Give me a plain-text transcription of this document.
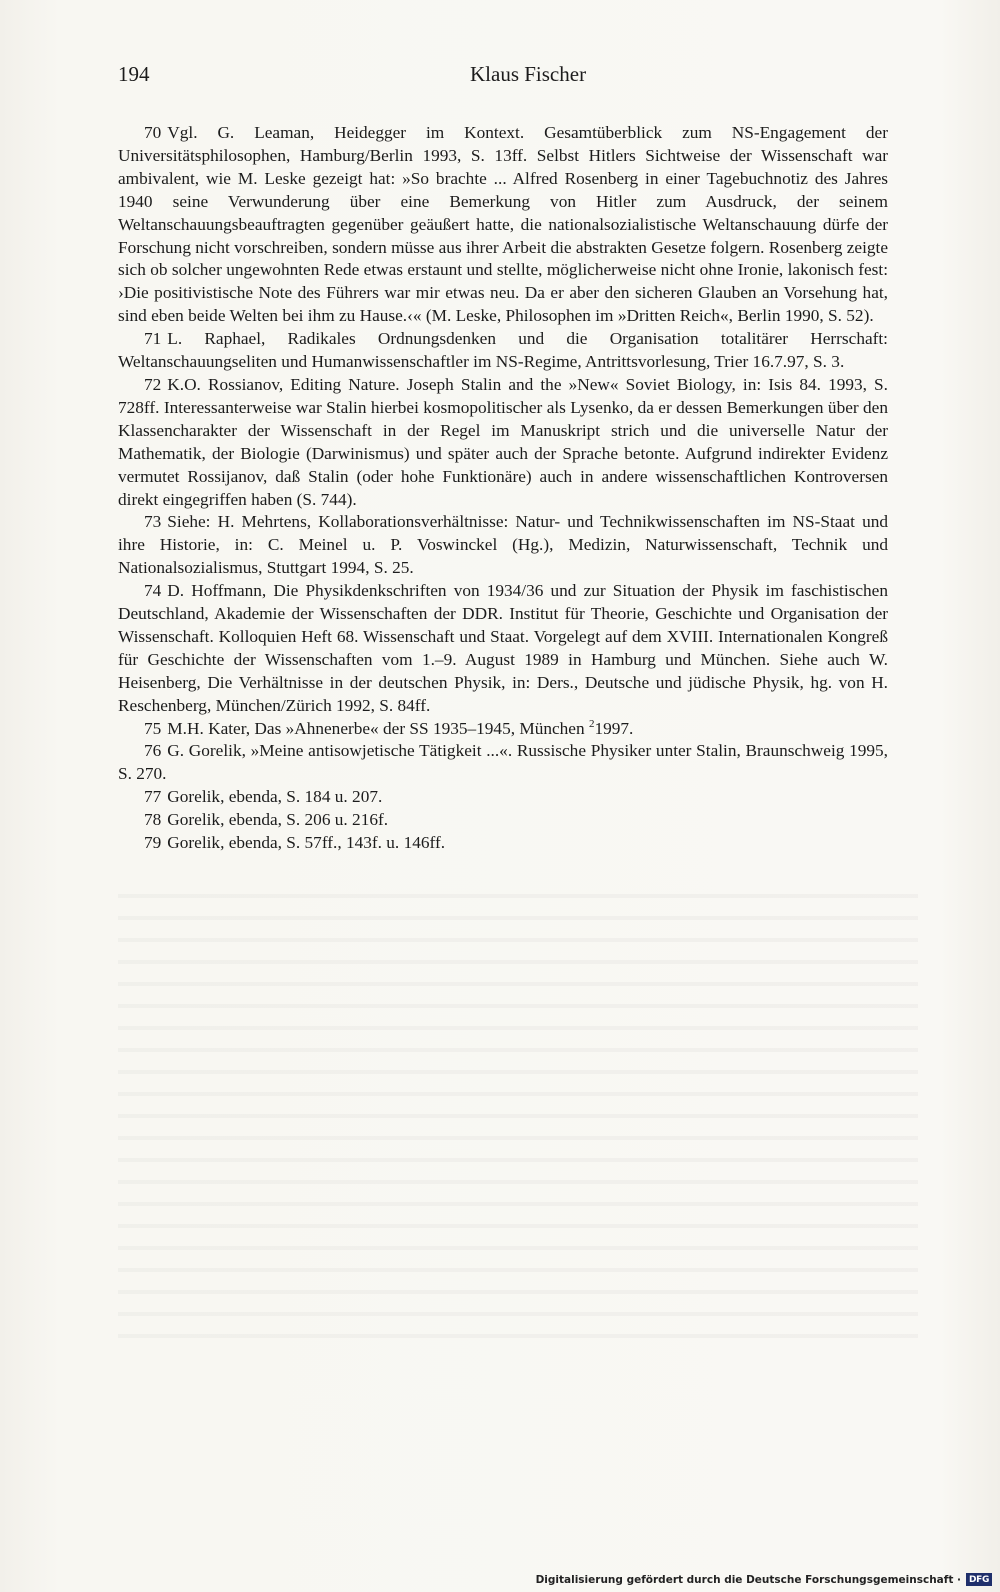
194	Klaus Fischer

70 Vgl. G. Leaman, Heidegger im Kontext. Gesamtüberblick zum NS-Engagement der Universitätsphilosophen, Hamburg/Berlin 1993, S. 13ff. Selbst Hitlers Sichtweise der Wissenschaft war ambivalent, wie M. Leske gezeigt hat: »So brachte ... Alfred Rosenberg in einer Tagebuchnotiz des Jahres 1940 seine Verwunderung über eine Bemerkung von Hitler zum Ausdruck, der seinem Weltanschauungsbeauftragten gegenüber geäußert hatte, die nationalsozialistische Weltanschauung dürfe der Forschung nicht vorschreiben, sondern müsse aus ihrer Arbeit die abstrakten Gesetze folgern. Rosenberg zeigte sich ob solcher ungewohnten Rede etwas erstaunt und stellte, möglicherweise nicht ohne Ironie, lakonisch fest: ›Die positivistische Note des Führers war mir etwas neu. Da er aber den sicheren Glauben an Vorsehung hat, sind eben beide Welten bei ihm zu Hause.‹« (M. Leske, Philosophen im »Dritten Reich«, Berlin 1990, S. 52).

71 L. Raphael, Radikales Ordnungsdenken und die Organisation totalitärer Herrschaft: Weltanschauungseliten und Humanwissenschaftler im NS-Regime, Antrittsvorlesung, Trier 16.7.97, S. 3.

72 K.O. Rossianov, Editing Nature. Joseph Stalin and the »New« Soviet Biology, in: Isis 84. 1993, S. 728ff. Interessanterweise war Stalin hierbei kosmopolitischer als Lysenko, da er dessen Bemerkungen über den Klassencharakter der Wissenschaft in der Regel im Manuskript strich und die universelle Natur der Mathematik, der Biologie (Darwinismus) und später auch der Sprache betonte. Aufgrund indirekter Evidenz vermutet Rossijanov, daß Stalin (oder hohe Funktionäre) auch in andere wissenschaftlichen Kontroversen direkt eingegriffen haben (S. 744).

73 Siehe: H. Mehrtens, Kollaborationsverhältnisse: Natur- und Technikwissenschaften im NS-Staat und ihre Historie, in: C. Meinel u. P. Voswinckel (Hg.), Medizin, Naturwissenschaft, Technik und Nationalsozialismus, Stuttgart 1994, S. 25.

74 D. Hoffmann, Die Physikdenkschriften von 1934/36 und zur Situation der Physik im faschistischen Deutschland, Akademie der Wissenschaften der DDR. Institut für Theorie, Geschichte und Organisation der Wissenschaft. Kolloquien Heft 68. Wissenschaft und Staat. Vorgelegt auf dem XVIII. Internationalen Kongreß für Geschichte der Wissenschaften vom 1.–9. August 1989 in Hamburg und München. Siehe auch W. Heisenberg, Die Verhältnisse in der deutschen Physik, in: Ders., Deutsche und jüdische Physik, hg. von H. Reschenberg, München/Zürich 1992, S. 84ff.

75 M.H. Kater, Das »Ahnenerbe« der SS 1935–1945, München $^2$1997.

76 G. Gorelik, »Meine antisowjetische Tätigkeit ...«. Russische Physiker unter Stalin, Braunschweig 1995, S. 270.

77 Gorelik, ebenda, S. 184 u. 207.

78 Gorelik, ebenda, S. 206 u. 216f.

79 Gorelik, ebenda, S. 57ff., 143f. u. 146ff.

Digitalisierung gefördert durch die Deutsche Forschungsgemeinschaft · DFG
